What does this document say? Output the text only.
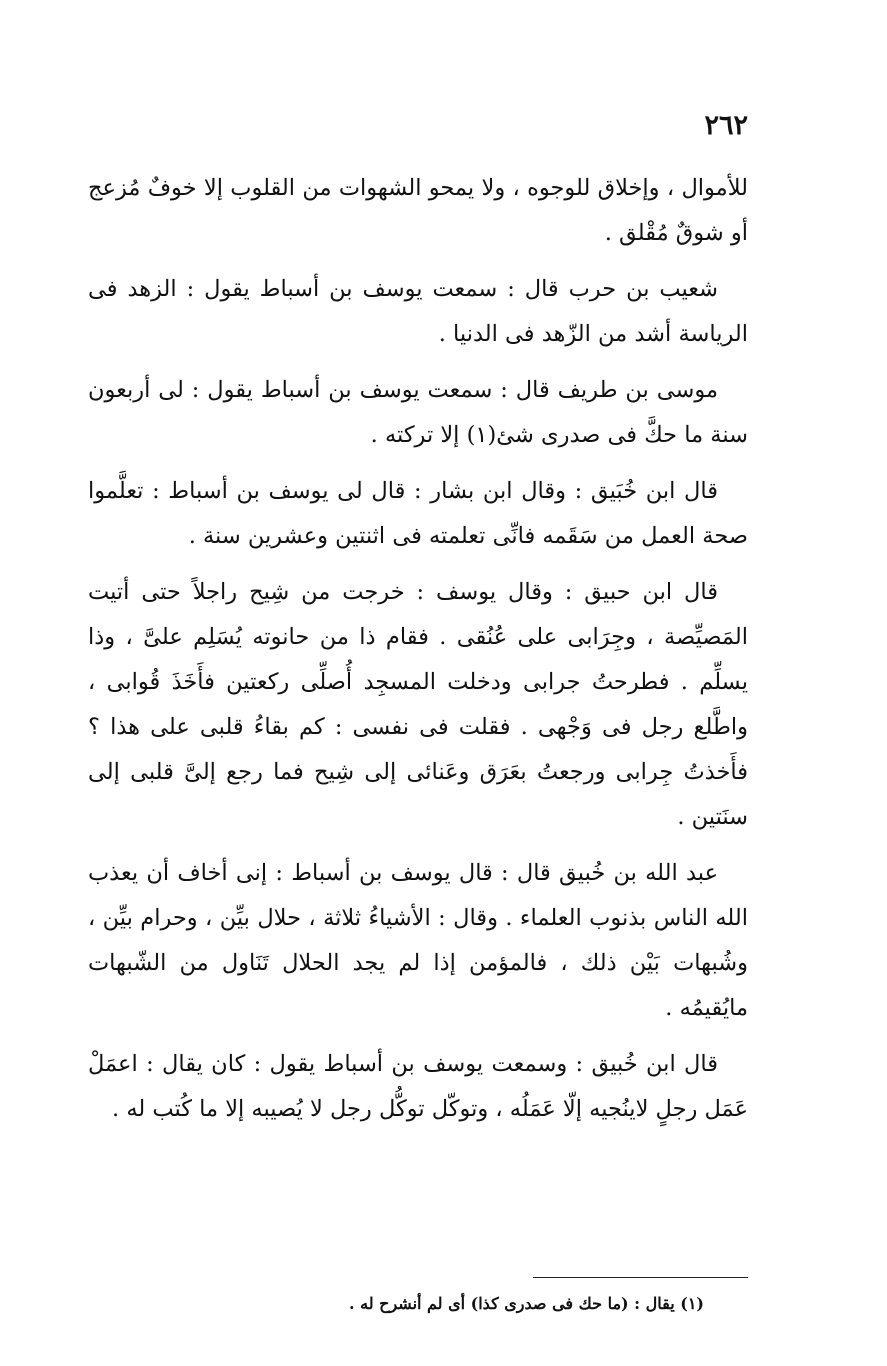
٢٦٢

للأموال ، وإخلاق للوجوه ، ولا يمحو الشهوات من القلوب إلا خوفٌ مُزعج أو شوقٌ مُقْلق .

شعيب بن حرب قال : سمعت يوسف بن أسباط يقول : الزهد فى الرياسة أشد من الزّهد فى الدنيا .

موسى بن طريف قال : سمعت يوسف بن أسباط يقول : لى أربعون سنة ما حكَّ فى صدرى شئ(١) إلا تركته .

قال ابن خُبَيق : وقال ابن بشار : قال لى يوسف بن أسباط : تعلَّموا صحة العمل من سَقَمه فانِّى تعلمته فى اثنتين وعشرين سنة .

قال ابن حبيق : وقال يوسف : خرجت من شِيح راجلاً حتى أتيت المَصيِّصة ، وجِرَابى على عُنُقى . فقام ذا من حانوته يُسَلِم علىَّ ، وذا يسلِّم . فطرحتُ جرابى ودخلت المسجِد أُصلِّى ركعتين فأَخَذَ قُوابى ، واطَّلع رجل فى وَجْهى . فقلت فى نفسى : كم بقاءُ قلبى على هذا ؟ فأَخذتُ جِرابى ورجعتُ بعَرَق وعَنائى إلى شِيح فما رجع إلىَّ قلبى إلى سنَتين .

عبد الله بن خُبيق قال : قال يوسف بن أسباط : إنى أخاف أن يعذب الله الناس بذنوب العلماء . وقال : الأشياءُ ثلاثة ، حلال بيِّن ، وحرام بيِّن ، وشُبهات بَيْن ذلك ، فالمؤمن إذا لم يجد الحلال تَنَاول من الشّبهات مايُقيمُه .

قال ابن خُبيق : وسمعت يوسف بن أسباط يقول : كان يقال : اعمَلْ عَمَل رجلٍ لاينُجيه إلّا عَمَلُه ، وتوكّل توكُّل رجل لا يُصيبه إلا ما كُتب له .

(١) يقال : (ما حك فى صدرى كذا) أى لم أنشرح له .
